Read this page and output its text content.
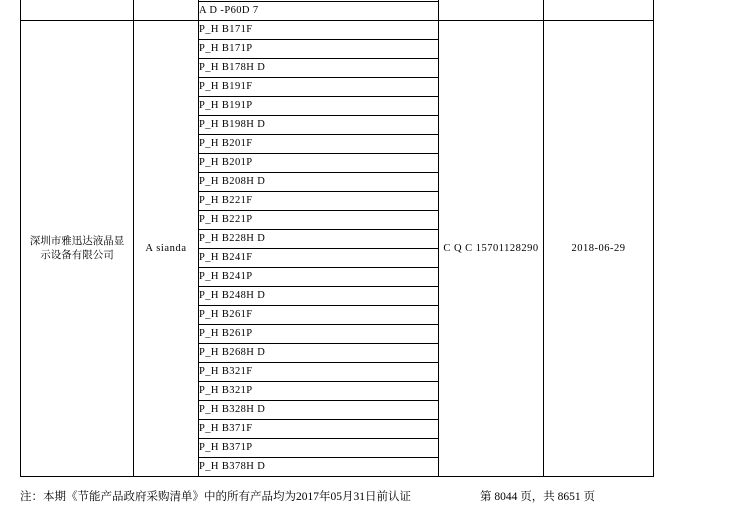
		A D -P60D 7		

深圳市雅迅达液晶显
示设备有限公司	A sianda	P_H B171F	C Q C 15701128290	2018-06-29
		P_H B171P		
		P_H B178H D		
		P_H B191F		
		P_H B191P		
		P_H B198H D		
		P_H B201F		
		P_H B201P		
		P_H B208H D		
		P_H B221F		
		P_H B221P		
		P_H B228H D		
		P_H B241F		
		P_H B241P		
		P_H B248H D		
		P_H B261F		
		P_H B261P		
		P_H B268H D		
		P_H B321F		
		P_H B321P		
		P_H B328H D		
		P_H B371F		
		P_H B371P		
		P_H B378H D		
注：本期《节能产品政府采购清单》中的所有产品均为2017年05月31日前认证	第 8044 页，共 8651 页
